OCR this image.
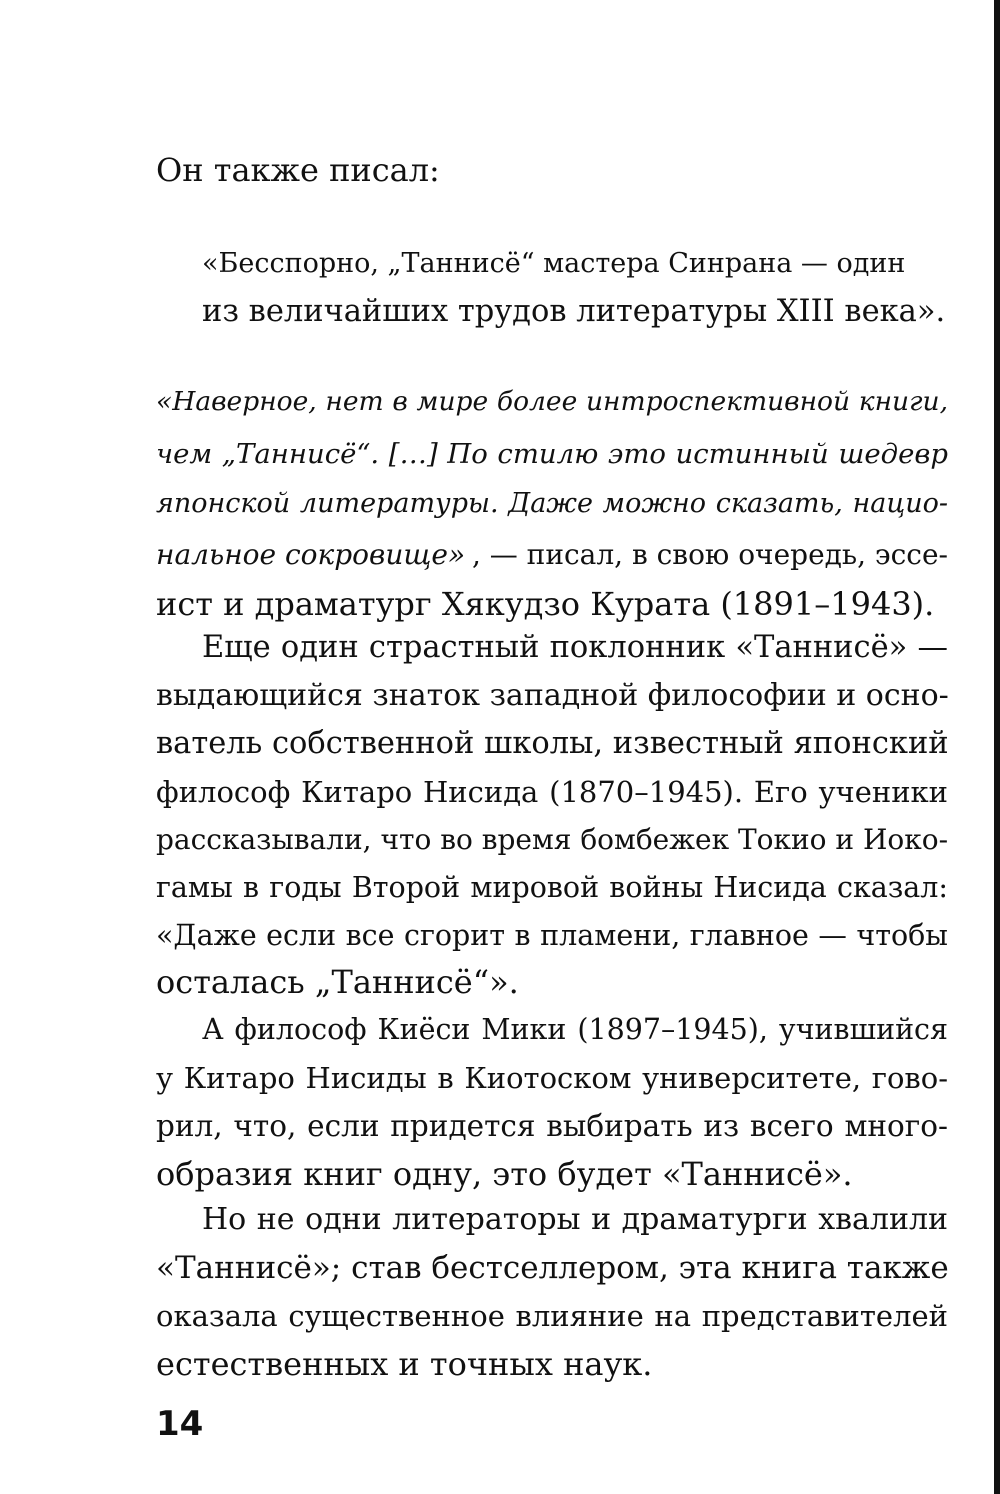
Он также писал:
«Бесспорно, „Таннисё“ мастера Синрана — один
из величайших трудов литературы XIII века».
«Наверное, нет в мире более интроспективной книги,
чем „Таннисё“. […] По стилю это истинный шедевр
японской литературы. Даже можно сказать, нацио-
нальное сокровище» , — писал, в свою очередь, эссе-
ист и драматург Хякудзо Курата (1891–1943).
Еще один страстный поклонник «Таннисё» —
выдающийся знаток западной философии и осно-
ватель собственной школы, известный японский
философ Китаро Нисида (1870–1945). Его ученики
рассказывали, что во время бомбежек Токио и Иоко-
гамы в годы Второй мировой войны Нисида сказал:
«Даже если все сгорит в пламени, главное — чтобы
осталась „Таннисё“».
А философ Киёси Мики (1897–1945), учившийся
у Китаро Нисиды в Киотоском университете, гово-
рил, что, если придется выбирать из всего много-
образия книг одну, это будет «Таннисё».
Но не одни литераторы и драматурги хвалили
«Таннисё»; став бестселлером, эта книга также
оказала существенное влияние на представителей
естественных и точных наук.
14
